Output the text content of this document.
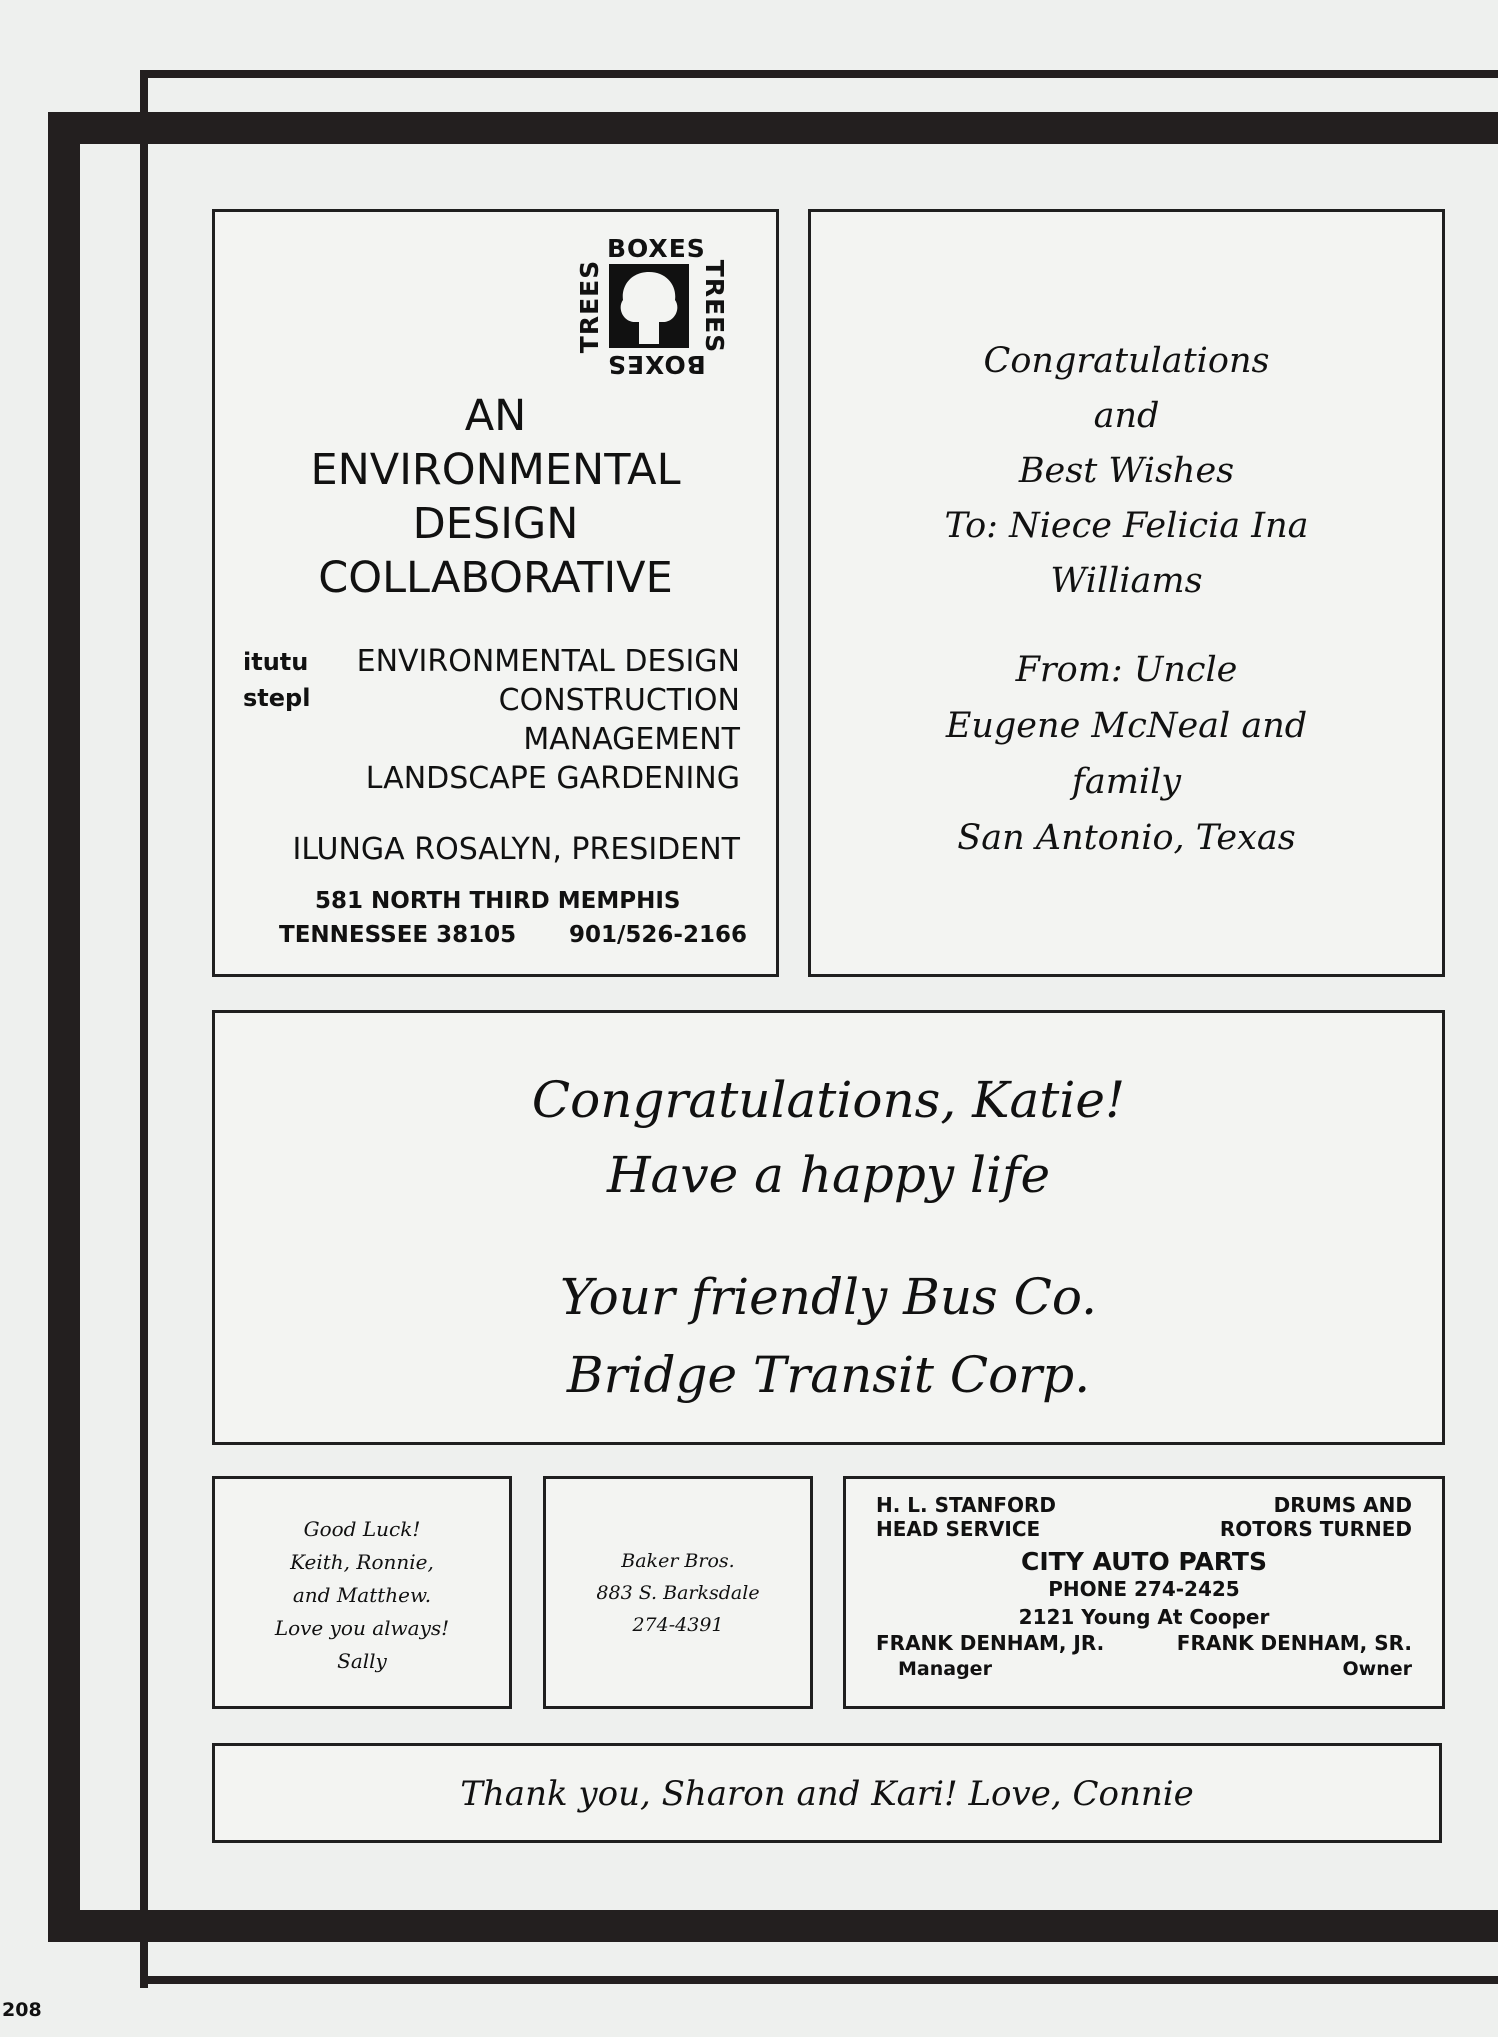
BOXES
BOXES
TREES	TREES
AN
ENVIRONMENTAL
DESIGN
COLLABORATIVE
itutu
stepl
ENVIRONMENTAL DESIGN
CONSTRUCTION
MANAGEMENT
LANDSCAPE GARDENING
ILUNGA ROSALYN, PRESIDENT
581 NORTH THIRD MEMPHIS
TENNESSEE 38105 901/526-2166
Congratulations
and
Best Wishes
To: Niece Felicia Ina
Williams
From: Uncle
Eugene McNeal and
family
San Antonio, Texas
Congratulations, Katie!
Have a happy life
Your friendly Bus Co.
Bridge Transit Corp.
Good Luck!
Keith, Ronnie,
and Matthew.
Love you always!
Sally
Baker Bros.
883 S. Barksdale
274-4391
H. L. STANFORD
HEAD SERVICE
DRUMS AND
ROTORS TURNED
CITY AUTO PARTS
PHONE 274-2425
2121 Young At Cooper
FRANK DENHAM, JR.
Manager
FRANK DENHAM, SR.
Owner
Thank you, Sharon and Kari! Love, Connie
208
